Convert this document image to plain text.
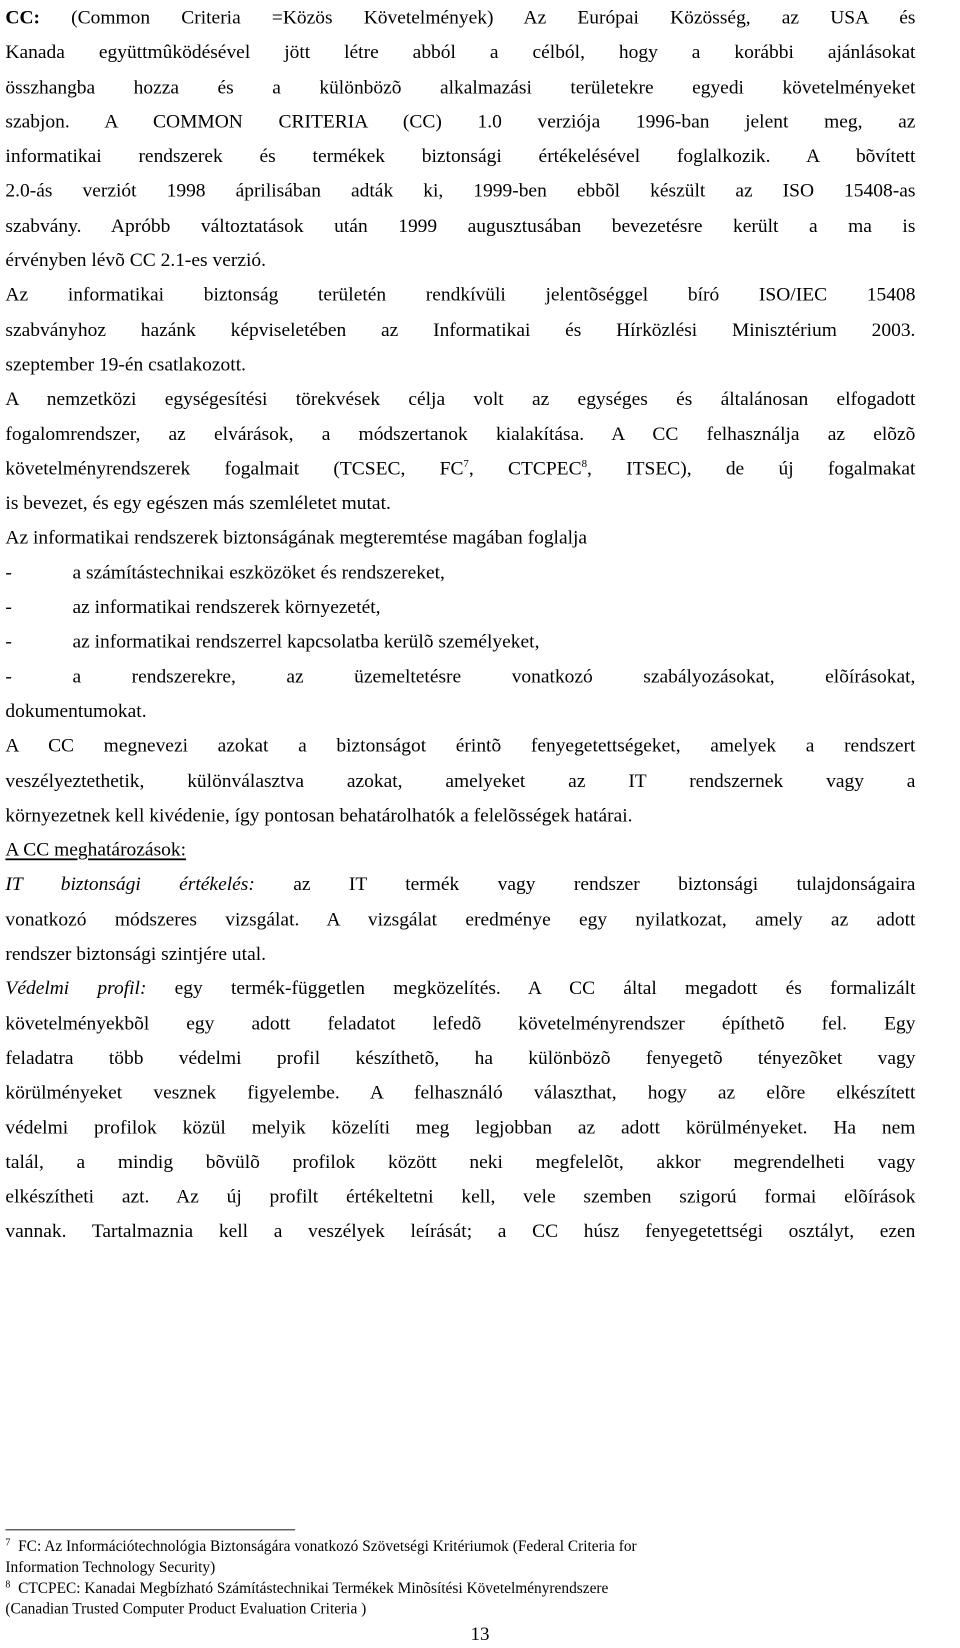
CC: (Common Criteria =Közös Követelmények) Az Európai Közösség, az USA és
Kanada együttmûködésével jött létre abból a célból, hogy a korábbi ajánlásokat
összhangba hozza és a különbözõ alkalmazási területekre egyedi követelményeket
szabjon. A COMMON CRITERIA (CC) 1.0 verziója 1996-ban jelent meg, az
informatikai rendszerek és termékek biztonsági értékelésével foglalkozik. A bõvített
2.0-ás verziót 1998 áprilisában adták ki, 1999-ben ebbõl készült az ISO 15408-as
szabvány. Apróbb változtatások után 1999 augusztusában bevezetésre került a ma is
érvényben lévõ CC 2.1-es verzió.
Az informatikai biztonság területén rendkívüli jelentõséggel bíró ISO/IEC 15408
szabványhoz hazánk képviseletében az Informatikai és Hírközlési Minisztérium 2003.
szeptember 19-én csatlakozott.
A nemzetközi egységesítési törekvések célja volt az egységes és általánosan elfogadott
fogalomrendszer, az elvárások, a módszertanok kialakítása. A CC felhasználja az elõzõ
követelményrendszerek fogalmait (TCSEC, $FC^7$, CTCPEC$^8$, ITSEC), de új fogalmakat
is bevezet, és egy egészen más szemléletet mutat.
Az informatikai rendszerek biztonságának megteremtése magában foglalja
-	a számítástechnikai eszközöket és rendszereket,
-	az informatikai rendszerek környezetét,
-	az informatikai rendszerrel kapcsolatba kerülõ személyeket,
-	a rendszerekre, az üzemeltetésre vonatkozó szabályozásokat, elõírásokat,
dokumentumokat.
A CC megnevezi azokat a biztonságot érintõ fenyegetettségeket, amelyek a rendszert
veszélyeztethetik, különválasztva azokat, amelyeket az IT rendszernek vagy a
környezetnek kell kivédenie, így pontosan behatárolhatók a felelõsségek határai.
A CC meghatározások:
IT biztonsági értékelés: az IT termék vagy rendszer biztonsági tulajdonságaira
vonatkozó módszeres vizsgálat. A vizsgálat eredménye egy nyilatkozat, amely az adott
rendszer biztonsági szintjére utal.
Védelmi profil: egy termék-független megközelítés. A CC által megadott és formalizált
követelményekbõl egy adott feladatot lefedõ követelményrendszer építhetõ fel. Egy
feladatra több védelmi profil készíthetõ, ha különbözõ fenyegetõ tényezõket vagy
körülményeket vesznek figyelembe. A felhasználó választhat, hogy az elõre elkészített
védelmi profilok közül melyik közelíti meg legjobban az adott körülményeket. Ha nem
talál, a mindig bõvülõ profilok között neki megfelelõt, akkor megrendelheti vagy
elkészítheti azt. Az új profilt értékeltetni kell, vele szemben szigorú formai elõírások
vannak. Tartalmaznia kell a veszélyek leírását; a CC húsz fenyegetettségi osztályt, ezen
$^7$ FC: Az Információtechnológia Biztonságára vonatkozó Szövetségi Kritériumok (Federal Criteria for
Information Technology Security)
$^8$ CTCPEC: Kanadai Megbízható Számítástechnikai Termékek Minõsítési Követelményrendszere
(Canadian Trusted Computer Product Evaluation Criteria )
13
